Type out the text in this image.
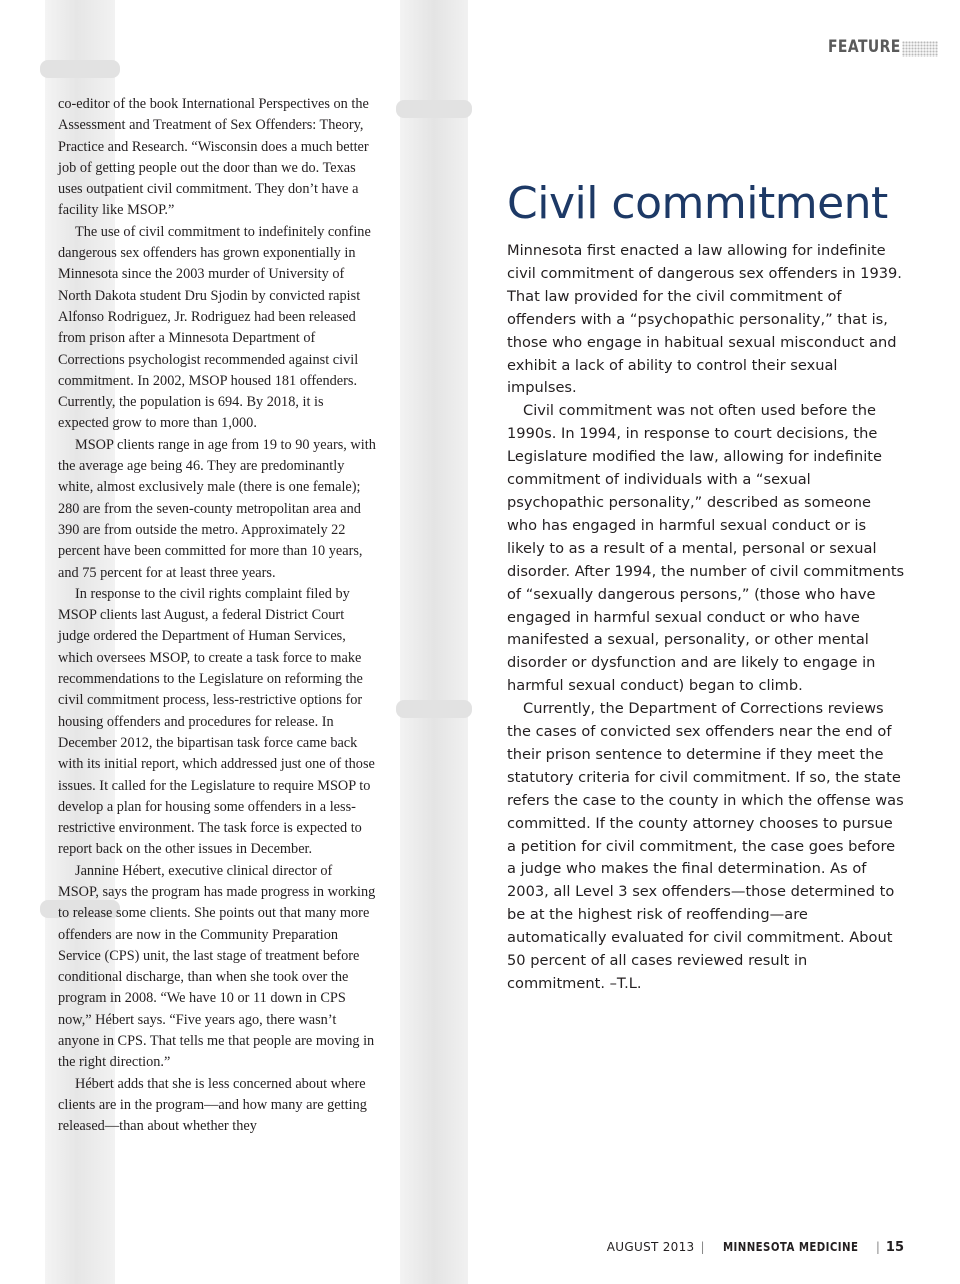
FEATURE

co-editor of the book International Perspectives on the Assessment and Treatment of Sex Offenders: Theory, Practice and Research. “Wisconsin does a much better job of getting people out the door than we do. Texas uses outpatient civil commitment. They don’t have a facility like MSOP.”

The use of civil commitment to indefinitely confine dangerous sex offenders has grown exponentially in Minnesota since the 2003 murder of University of North Dakota student Dru Sjodin by convicted rapist Alfonso Rodriguez, Jr. Rodriguez had been released from prison after a Minnesota Department of Corrections psychologist recommended against civil commitment. In 2002, MSOP housed 181 offenders. Currently, the population is 694. By 2018, it is expected grow to more than 1,000.

MSOP clients range in age from 19 to 90 years, with the average age being 46. They are predominantly white, almost exclusively male (there is one female); 280 are from the seven-county metropolitan area and 390 are from outside the metro. Approximately 22 percent have been committed for more than 10 years, and 75 percent for at least three years.

In response to the civil rights complaint filed by MSOP clients last August, a federal District Court judge ordered the Department of Human Services, which oversees MSOP, to create a task force to make recommendations to the Legislature on reforming the civil commitment process, less-restrictive options for housing offenders and procedures for release. In December 2012, the bipartisan task force came back with its initial report, which addressed just one of those issues. It called for the Legislature to require MSOP to develop a plan for housing some offenders in a less-restrictive environment. The task force is expected to report back on the other issues in December.

Jannine Hébert, executive clinical director of MSOP, says the program has made progress in working to release some clients. She points out that many more offenders are now in the Community Preparation Service (CPS) unit, the last stage of treatment before conditional discharge, than when she took over the program in 2008. “We have 10 or 11 down in CPS now,” Hébert says. “Five years ago, there wasn’t anyone in CPS. That tells me that people are moving in the right direction.”

Hébert adds that she is less concerned about where clients are in the program—and how many are getting released—than about whether they

Civil commitment

Minnesota first enacted a law allowing for indefinite civil commitment of dangerous sex offenders in 1939. That law provided for the civil commitment of offenders with a “psychopathic personality,” that is, those who engage in habitual sexual misconduct and exhibit a lack of ability to control their sexual impulses.

Civil commitment was not often used before the 1990s. In 1994, in response to court decisions, the Legislature modified the law, allowing for indefinite commitment of individuals with a “sexual psychopathic personality,” described as someone who has engaged in harmful sexual conduct or is likely to as a result of a mental, personal or sexual disorder. After 1994, the number of civil commitments of “sexually dangerous persons,” (those who have engaged in harmful sexual conduct or who have manifested a sexual, personality, or other mental disorder or dysfunction and are likely to engage in harmful sexual conduct) began to climb.

Currently, the Department of Corrections reviews the cases of convicted sex offenders near the end of their prison sentence to determine if they meet the statutory criteria for civil commitment. If so, the state refers the case to the county in which the offense was committed. If the county attorney chooses to pursue a petition for civil commitment, the case goes before a judge who makes the final determination. As of 2003, all Level 3 sex offenders—those determined to be at the highest risk of reoffending—are automatically evaluated for civil commitment. About 50 percent of all cases reviewed result in commitment. –T.L.

AUGUST 2013 | MINNESOTA MEDICINE | 15
